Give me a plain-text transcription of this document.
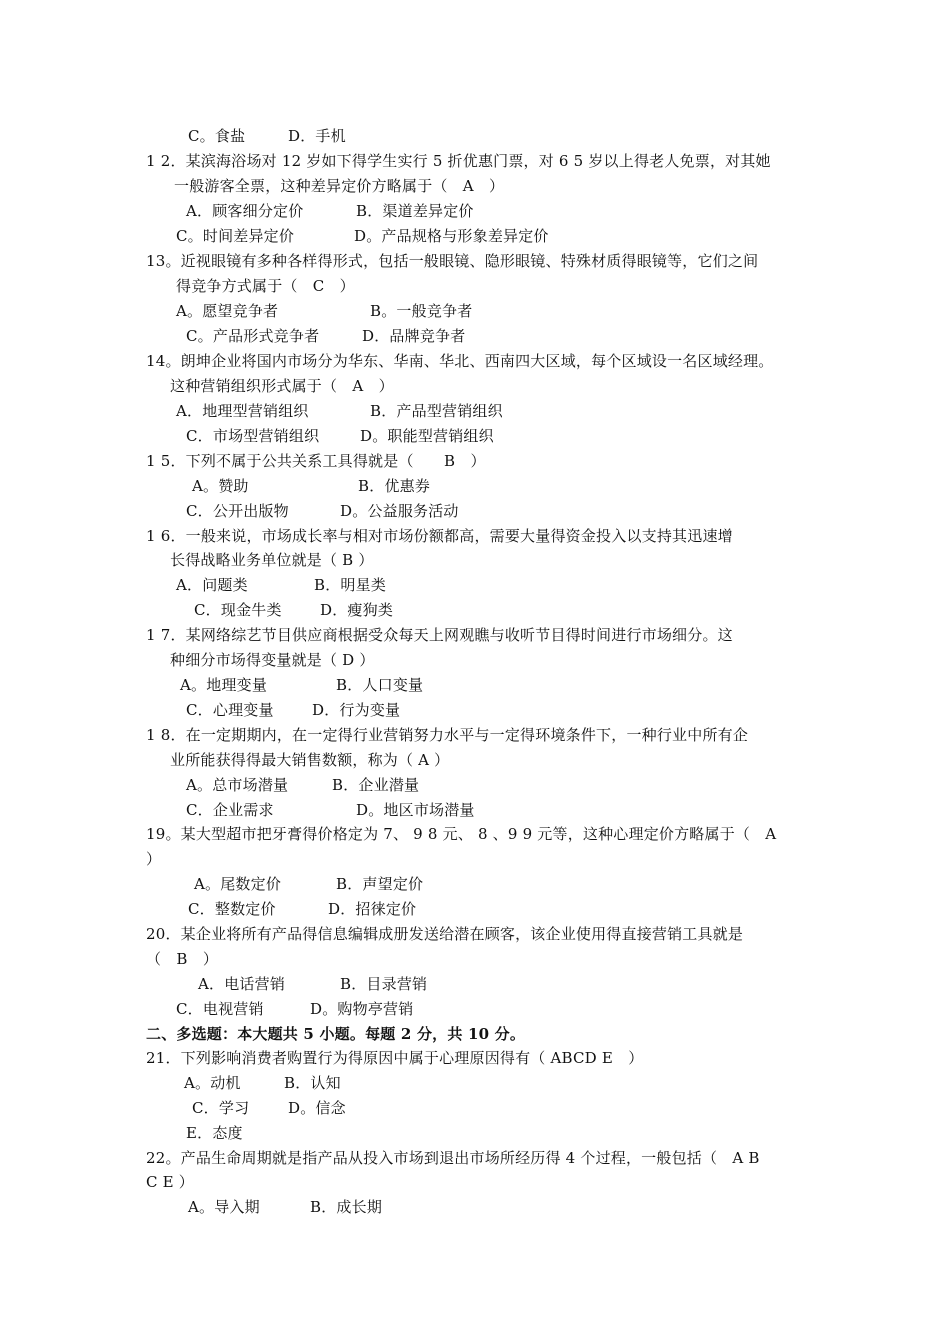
C。食盐	D．手机
1 2．某滨海浴场对 12 岁如下得学生实行 5 折优惠门票，对 6 5 岁以上得老人免票，对其她
一般游客全票，这种差异定价方略属于（　A　）
A．顾客细分定价	B．渠道差异定价
C。时间差异定价	D。产品规格与形象差异定价
13。近视眼镜有多种各样得形式，包括一般眼镜、隐形眼镜、特殊材质得眼镜等，它们之间
得竞争方式属于（　C　）
A。愿望竞争者	B。一般竞争者
C。产品形式竞争者	D．品牌竞争者
14。朗坤企业将国内市场分为华东、华南、华北、西南四大区域，每个区域设一名区域经理。
这种营销组织形式属于（　A　）
A．地理型营销组织	B．产品型营销组织
C．市场型营销组织	D。职能型营销组织
1 5．下列不属于公共关系工具得就是（　　B　）
A。赞助	B．优惠券
C．公开出版物	D。公益服务活动
1 6．一般来说，市场成长率与相对市场份额都高，需要大量得资金投入以支持其迅速增
长得战略业务单位就是（ B ）
A．问题类	B．明星类
C．现金牛类	D．瘦狗类
1 7．某网络综艺节目供应商根据受众每天上网观瞧与收听节目得时间进行市场细分。这
种细分市场得变量就是（ D ）
A。地理变量	B．人口变量
C．心理变量	D．行为变量
1 8．在一定期期内，在一定得行业营销努力水平与一定得环境条件下，一种行业中所有企
业所能获得得最大销售数额，称为（ A ）
A。总市场潜量	B．企业潜量
C．企业需求	D。地区市场潜量
19。某大型超市把牙膏得价格定为 7、 9 8 元、 8 、9 9 元等，这种心理定价方略属于（　A
）
A。尾数定价	B．声望定价
C．整数定价	D．招徕定价
20．某企业将所有产品得信息编辑成册发送给潜在顾客，该企业使用得直接营销工具就是
（　B　）
A．电话营销	B．目录营销
C．电视营销	D。购物亭营销
二、多选题：本大题共 5 小题。每题 2 分，共 10 分。
21．下列影响消费者购置行为得原因中属于心理原因得有（ ABCD E　）
A。动机	B．认知
C．学习	D。信念
E．态度
22。产品生命周期就是指产品从投入市场到退出市场所经历得 4 个过程，一般包括（　A B
C E ）
A。导入期	B．成长期
